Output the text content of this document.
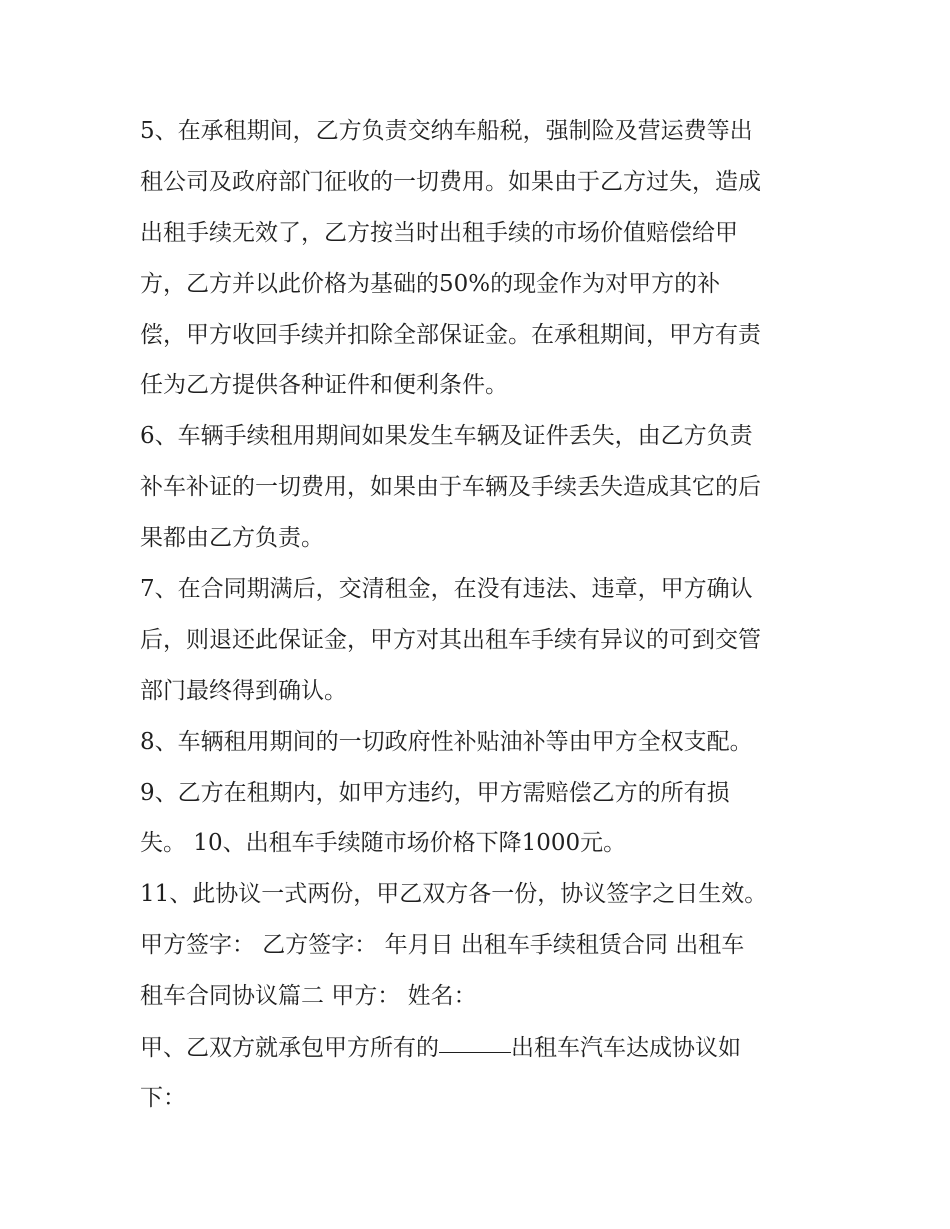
5、在承租期间，乙方负责交纳车船税，强制险及营运费等出
租公司及政府部门征收的一切费用。如果由于乙方过失，造成
出租手续无效了，乙方按当时出租手续的市场价值赔偿给甲
方，乙方并以此价格为基础的50%的现金作为对甲方的补
偿，甲方收回手续并扣除全部保证金。在承租期间，甲方有责
任为乙方提供各种证件和便利条件。
6、车辆手续租用期间如果发生车辆及证件丢失，由乙方负责
补车补证的一切费用，如果由于车辆及手续丢失造成其它的后
果都由乙方负责。
7、在合同期满后，交清租金，在没有违法、违章，甲方确认
后，则退还此保证金，甲方对其出租车手续有异议的可到交管
部门最终得到确认。
8、车辆租用期间的一切政府性补贴油补等由甲方全权支配。
9、乙方在租期内，如甲方违约，甲方需赔偿乙方的所有损
失。 10、出租车手续随市场价格下降1000元。
11、此协议一式两份，甲乙双方各一份，协议签字之日生效。
甲方签字： 乙方签字： 年月日 出租车手续租赁合同 出租车
租车合同协议篇二 甲方： 姓名：
甲、乙双方就承包甲方所有的	出租车汽车达成协议如
下：
